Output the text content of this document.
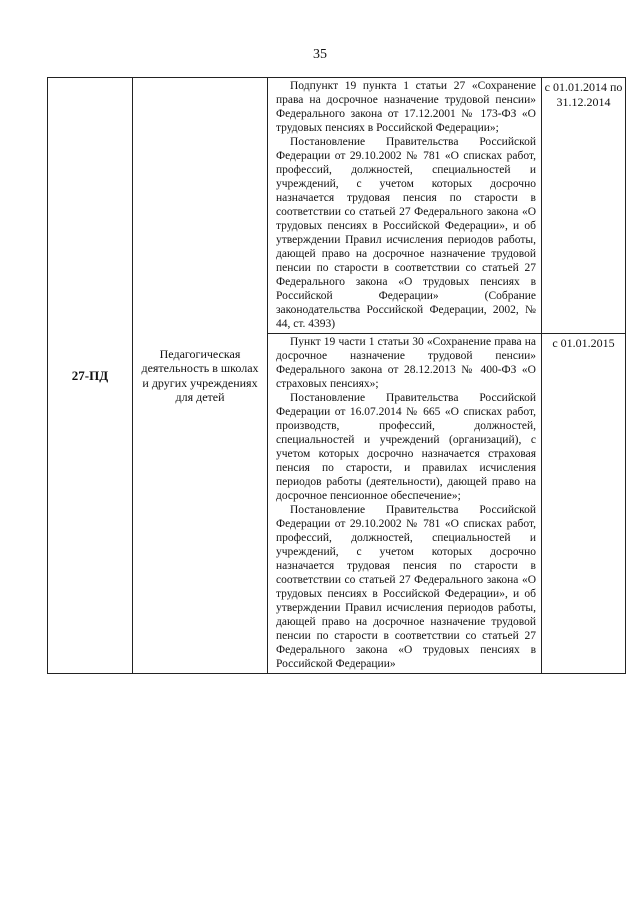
35
27-ПД	Педагогическая деятельность в школах и других учреждениях для детей	Подпункт 19 пункта 1 статьи 27 «Сохранение права на досрочное назначение трудовой пенсии» Федерального закона от 17.12.2001 № 173-ФЗ «О трудовых пенсиях в Российской Федерации»;

Постановление Правительства Российской Федерации от 29.10.2002 № 781 «О списках работ, профессий, должностей, специальностей и учреждений, с учетом которых досрочно назначается трудовая пенсия по старости в соответствии со статьей 27 Федерального закона «О трудовых пенсиях в Российской Федерации», и об утверждении Правил исчисления периодов работы, дающей право на досрочное назначение трудовой пенсии по старости в соответствии со статьей 27 Федерального закона «О трудовых пенсиях в Российской Федерации» (Собрание законодательства Российской Федерации, 2002, № 44, ст. 4393)	с 01.01.2014 по 31.12.2014

		Пункт 19 части 1 статьи 30 «Сохранение права на досрочное назначение трудовой пенсии» Федерального закона от 28.12.2013 № 400-ФЗ «О страховых пенсиях»;

Постановление Правительства Российской Федерации от 16.07.2014 № 665 «О списках работ, производств, профессий, должностей, специальностей и учреждений (организаций), с учетом которых досрочно назначается страховая пенсия по старости, и правилах исчисления периодов работы (деятельности), дающей право на досрочное пенсионное обеспечение»;

Постановление Правительства Российской Федерации от 29.10.2002 № 781 «О списках работ, профессий, должностей, специальностей и учреждений, с учетом которых досрочно назначается трудовая пенсия по старости в соответствии со статьей 27 Федерального закона «О трудовых пенсиях в Российской Федерации», и об утверждении Правил исчисления периодов работы, дающей право на досрочное назначение трудовой пенсии по старости в соответствии со статьей 27 Федерального закона «О трудовых пенсиях в Российской Федерации»	с 01.01.2015
